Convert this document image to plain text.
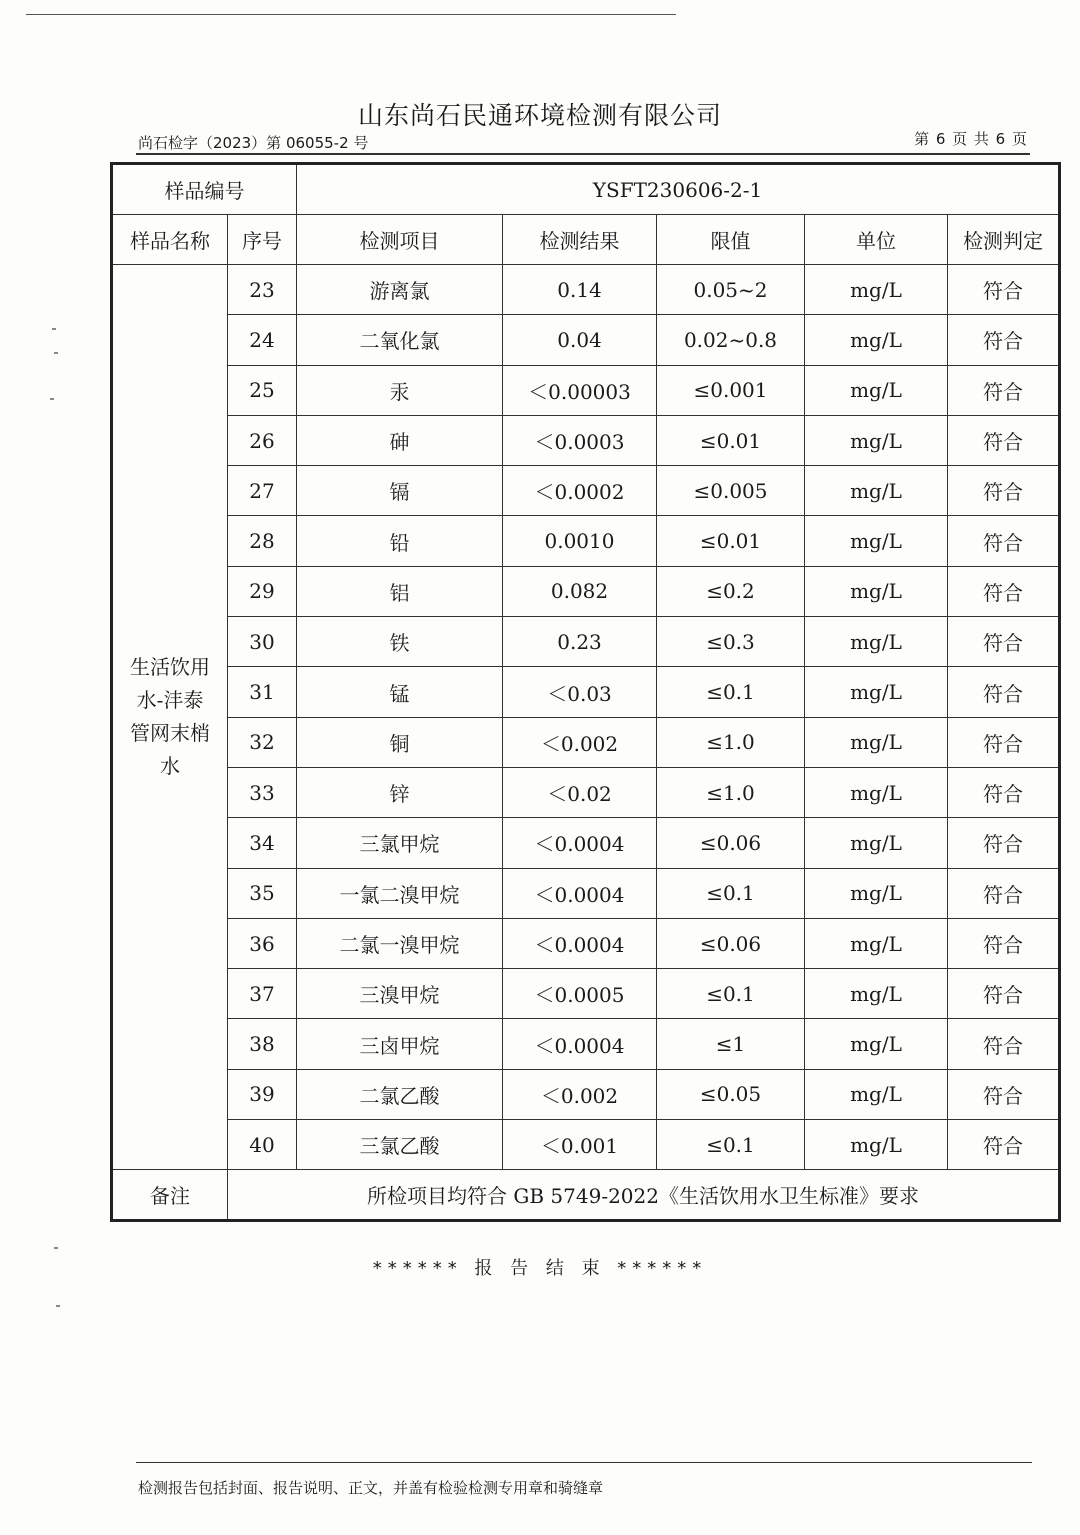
山东尚石民通环境检测有限公司
尚石检字（2023）第 06055-2 号	第 6 页 共 6 页
样品编号		YSFT230606-2-1				
样品名称	序号	检测项目	检测结果	限值	单位	检测判定

生活饮用
水-沣泰
管网末梢
水	23	游离氯	0.14	0.05~2	mg/L	符合
	24	二氧化氯	0.04	0.02~0.8	mg/L	符合
	25	汞	＜0.00003	≤0.001	mg/L	符合
	26	砷	＜0.0003	≤0.01	mg/L	符合
	27	镉	＜0.0002	≤0.005	mg/L	符合
	28	铅	0.0010	≤0.01	mg/L	符合
	29	铝	0.082	≤0.2	mg/L	符合
	30	铁	0.23	≤0.3	mg/L	符合
	31	锰	＜0.03	≤0.1	mg/L	符合
	32	铜	＜0.002	≤1.0	mg/L	符合
	33	锌	＜0.02	≤1.0	mg/L	符合
	34	三氯甲烷	＜0.0004	≤0.06	mg/L	符合
	35	一氯二溴甲烷	＜0.0004	≤0.1	mg/L	符合
	36	二氯一溴甲烷	＜0.0004	≤0.06	mg/L	符合
	37	三溴甲烷	＜0.0005	≤0.1	mg/L	符合
	38	三卤甲烷	＜0.0004	≤1	mg/L	符合
	39	二氯乙酸	＜0.002	≤0.05	mg/L	符合
	40	三氯乙酸	＜0.001	≤0.1	mg/L	符合
备注	所检项目均符合 GB 5749-2022《生活饮用水卫生标准》要求					
****** 报 告 结 束 ******
检测报告包括封面、报告说明、正文，并盖有检验检测专用章和骑缝章
